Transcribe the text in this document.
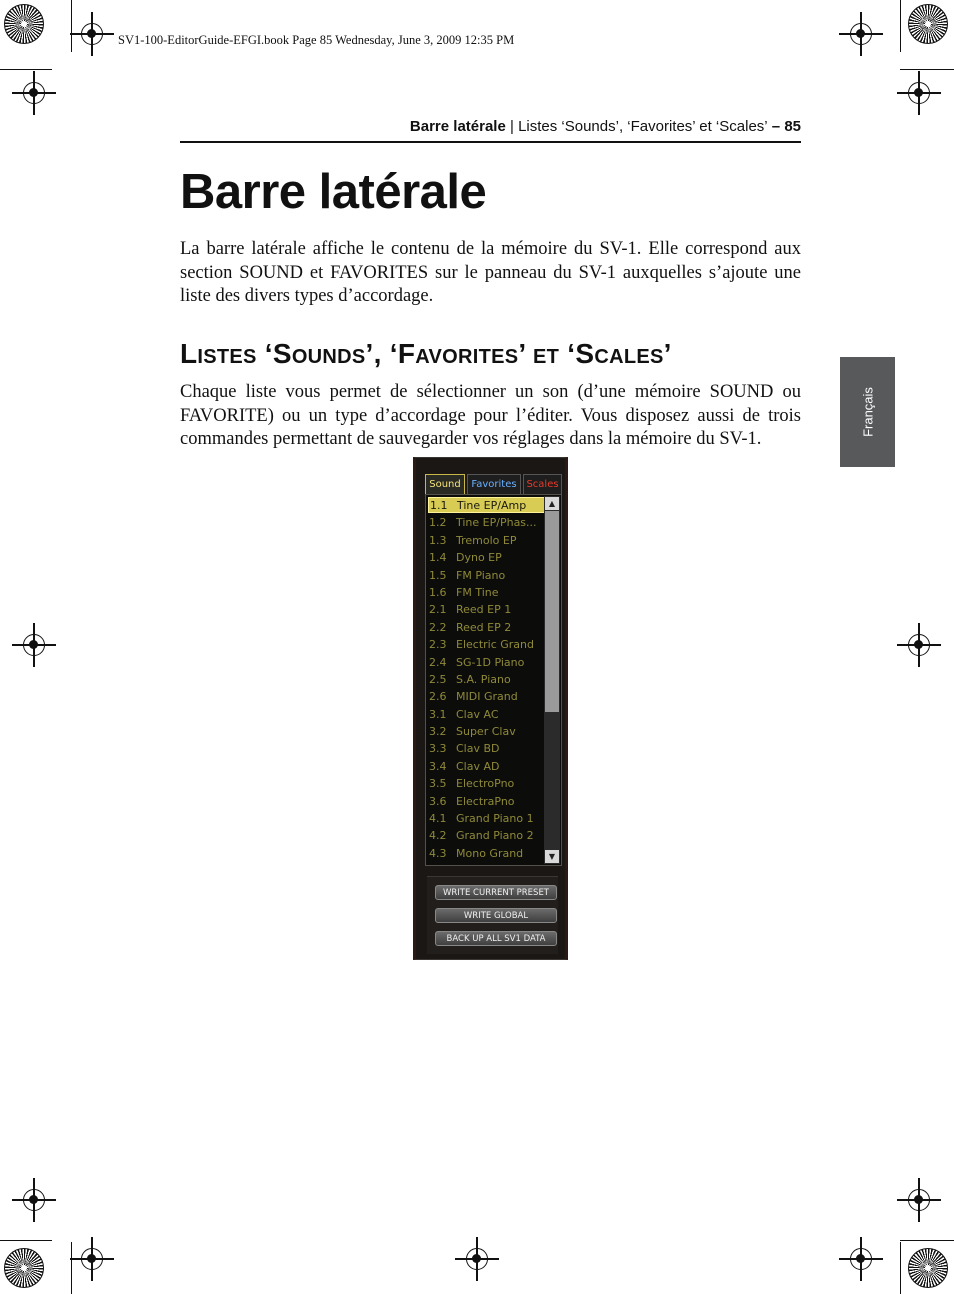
SV1-100-EditorGuide-EFGI.book Page 85 Wednesday, June 3, 2009 12:35 PM
Barre latérale | Listes ‘Sounds’, ‘Favorites’ et ‘Scales’ – 85
Barre latérale

La barre latérale affiche le contenu de la mémoire du SV-1. Elle correspond aux section SOUND et FAVORITES sur le panneau du SV-1 auxquelles s’ajoute une liste des divers types d’accordage.

Listes ‘Sounds’, ‘Favorites’ et ‘Scales’

Chaque liste vous permet de sélectionner un son (d’une mémoire SOUND ou FAVORITE) ou un type d’accordage pour l’éditer. Vous disposez aussi de trois commandes permettant de sauvegarder vos réglages dans la mémoire du SV-1.

Français
Sound	Favorites Scales
1.1 Tine EP/Amp
1.2 Tine EP/Phas...
1.3 Tremolo EP
1.4 Dyno EP
1.5 FM Piano
1.6 FM Tine
2.1 Reed EP 1
2.2 Reed EP 2
2.3 Electric Grand
2.4 SG-1D Piano
2.5 S.A. Piano
2.6 MIDI Grand
3.1 Clav AC
3.2 Super Clav
3.3 Clav BD
3.4 Clav AD
3.5 ElectroPno
3.6 ElectraPno
4.1 Grand Piano 1
4.2 Grand Piano 2
4.3 Mono Grand
▲
▼
WRITE CURRENT PRESET
WRITE GLOBAL
BACK UP ALL SV1 DATA
